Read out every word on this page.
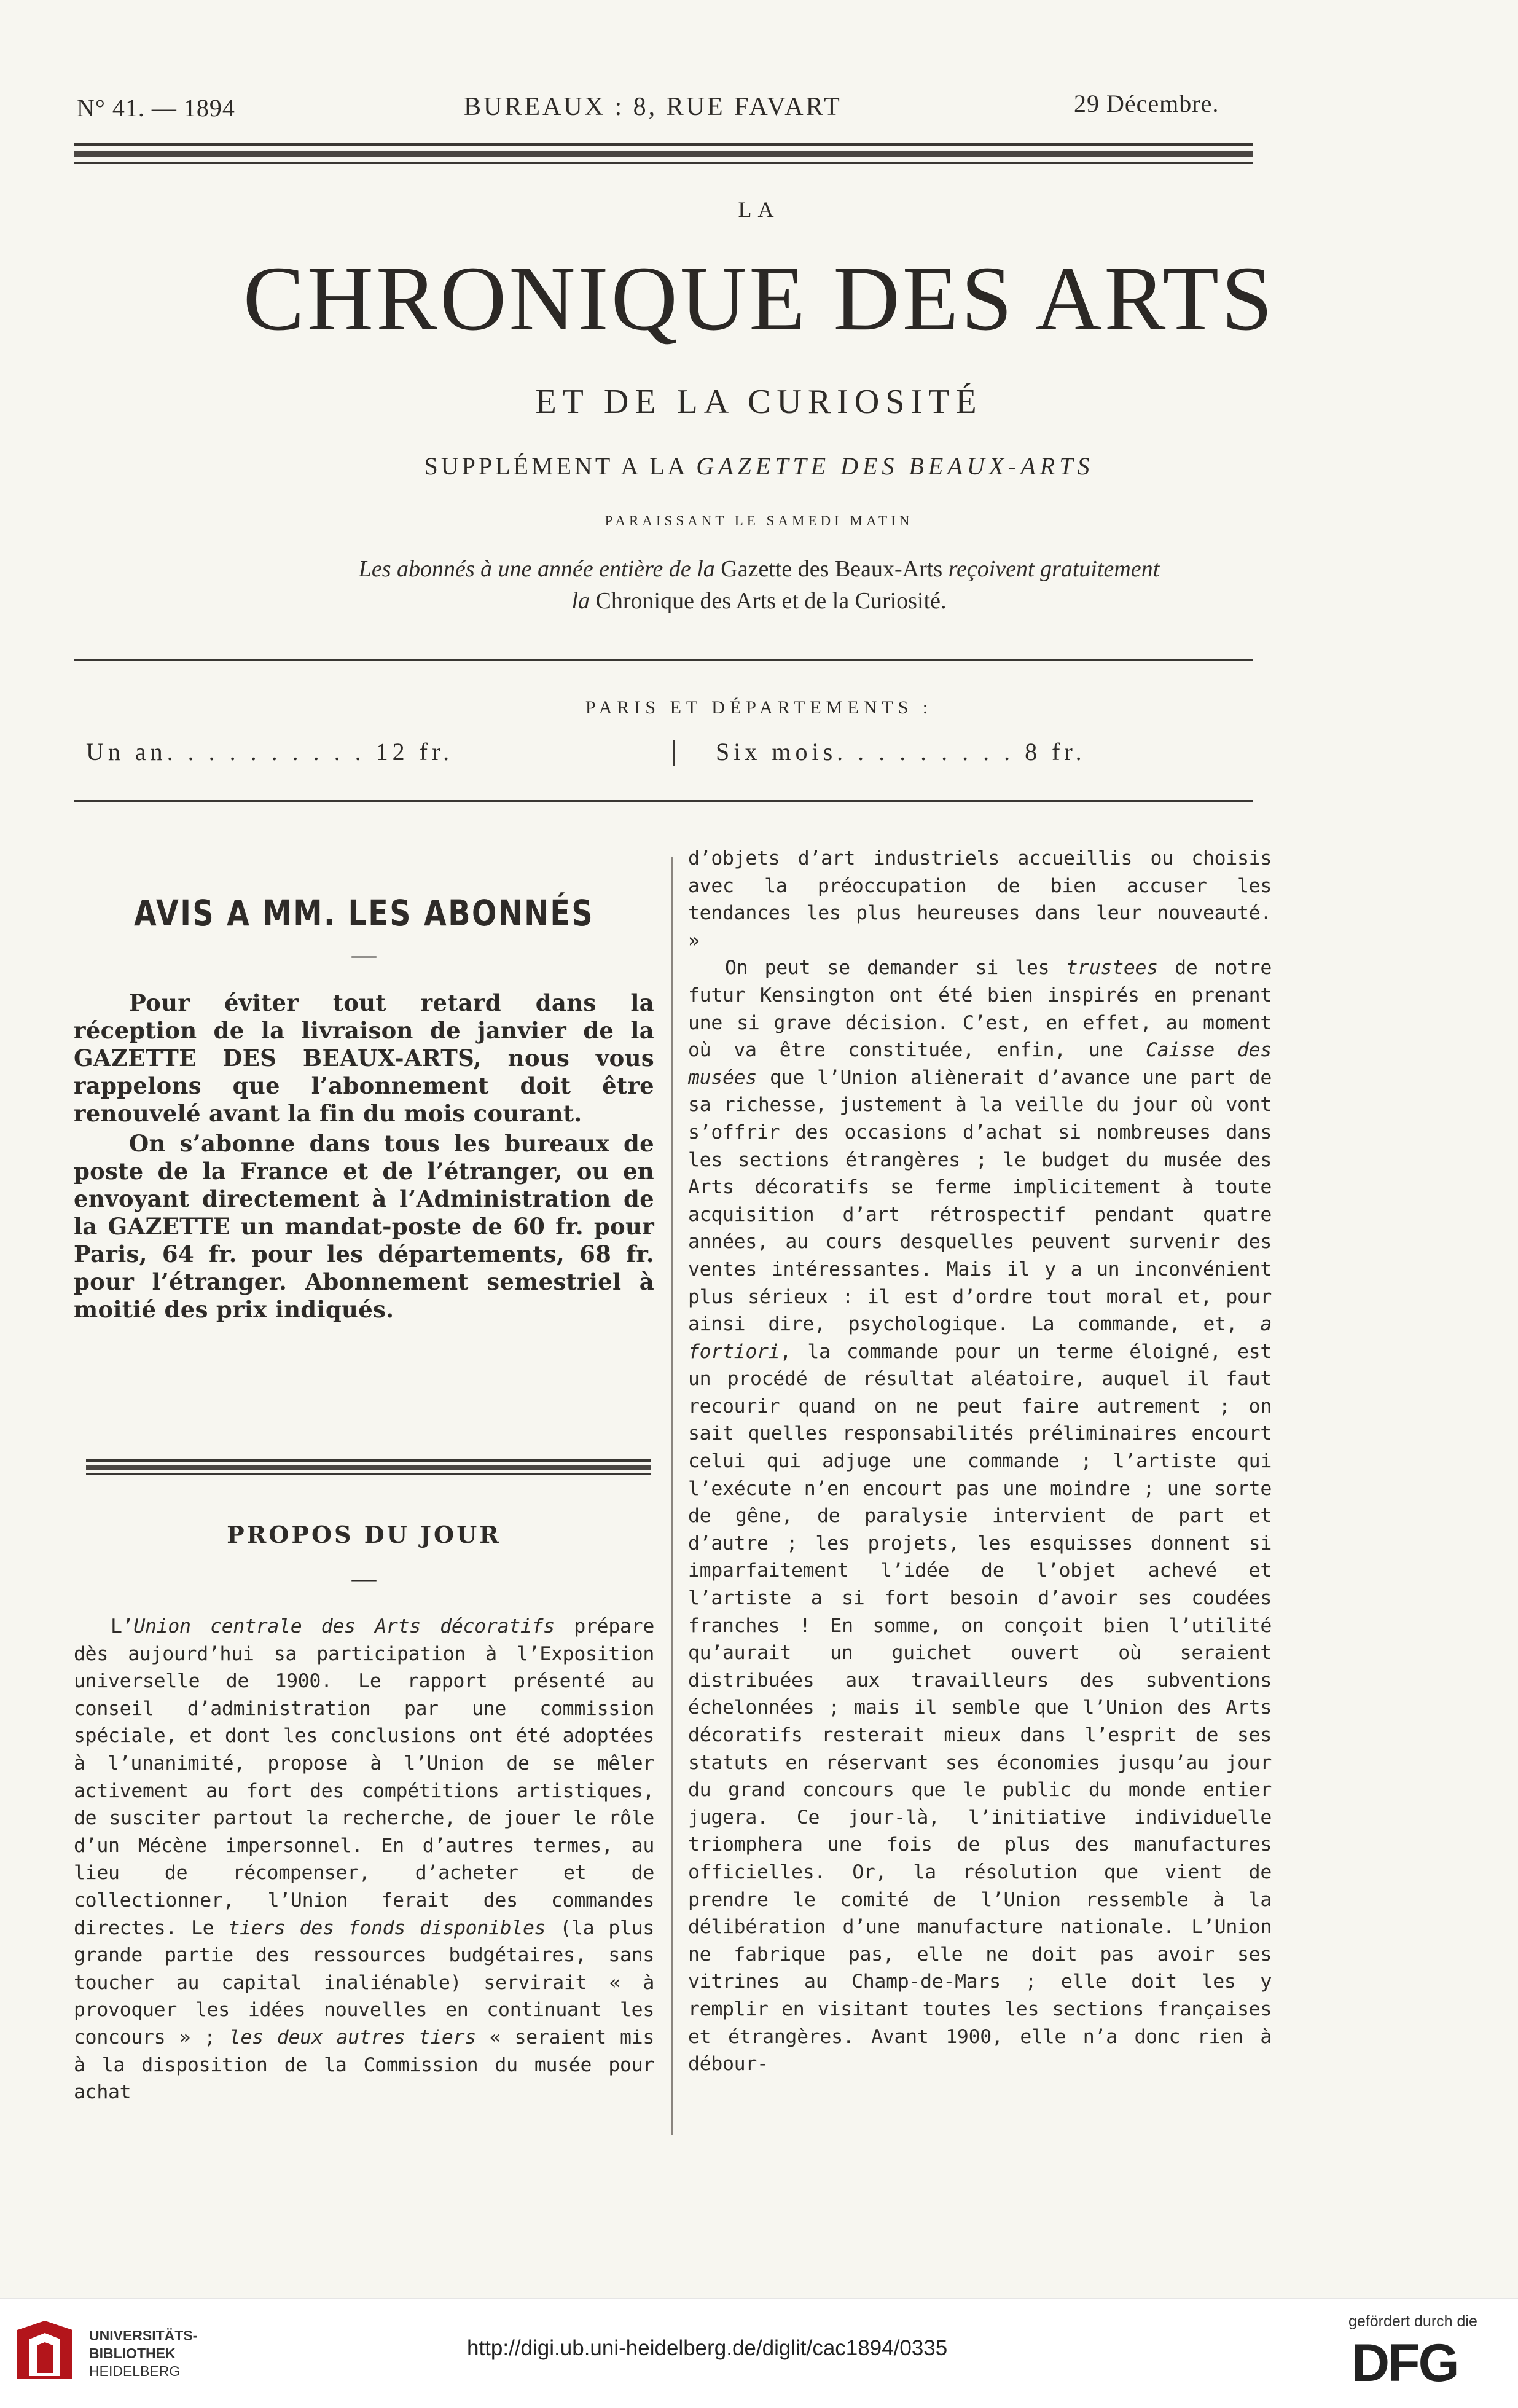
N° 41. — 1894	BUREAUX : 8, RUE FAVART	29 Décembre.
LA
CHRONIQUE DES ARTS
ET DE LA CURIOSITÉ
SUPPLÉMENT A LA GAZETTE DES BEAUX-ARTS
PARAISSANT LE SAMEDI MATIN
Les abonnés à une année entière de la Gazette des Beaux-Arts reçoivent gratuitement
la Chronique des Arts et de la Curiosité.
PARIS ET DÉPARTEMENTS :
Un an. . . . . . . . . . 12 fr.	Six mois. . . . . . . . . 8 fr.
AVIS A MM. LES ABONNÉS
—

Pour éviter tout retard dans la réception de la livraison de janvier de la GAZETTE DES BEAUX-ARTS, nous vous rappelons que l’abonnement doit être renouvelé avant la fin du mois courant.

On s’abonne dans tous les bureaux de poste de la France et de l’étranger, ou en envoyant directement à l’Administration de la GAZETTE un mandat-poste de 60 fr. pour Paris, 64 fr. pour les départements, 68 fr. pour l’étranger. Abonnement semestriel à moitié des prix indiqués.

PROPOS DU JOUR
—

L’Union centrale des Arts décoratifs prépare dès aujourd’hui sa participation à l’Exposition universelle de 1900. Le rapport présenté au conseil d’administration par une commission spéciale, et dont les conclusions ont été adoptées à l’unanimité, propose à l’Union de se mêler activement au fort des compétitions artistiques, de susciter partout la recherche, de jouer le rôle d’un Mécène impersonnel. En d’autres termes, au lieu de récompenser, d’acheter et de collectionner, l’Union ferait des commandes directes. Le tiers des fonds disponibles (la plus grande partie des ressources budgétaires, sans toucher au capital inaliénable) servirait « à provoquer les idées nouvelles en continuant les concours » ; les deux autres tiers « seraient mis à la disposition de la Commission du musée pour achat

d’objets d’art industriels accueillis ou choisis avec la préoccupation de bien accuser les tendances les plus heureuses dans leur nouveauté. »

On peut se demander si les trustees de notre futur Kensington ont été bien inspirés en prenant une si grave décision. C’est, en effet, au moment où va être constituée, enfin, une Caisse des musées que l’Union aliènerait d’avance une part de sa richesse, justement à la veille du jour où vont s’offrir des occasions d’achat si nombreuses dans les sections étrangères ; le budget du musée des Arts décoratifs se ferme implicitement à toute acquisition d’art rétrospectif pendant quatre années, au cours desquelles peuvent survenir des ventes intéressantes. Mais il y a un inconvénient plus sérieux : il est d’ordre tout moral et, pour ainsi dire, psychologique. La commande, et, a fortiori, la commande pour un terme éloigné, est un procédé de résultat aléatoire, auquel il faut recourir quand on ne peut faire autrement ; on sait quelles responsabilités préliminaires encourt celui qui adjuge une commande ; l’artiste qui l’exécute n’en encourt pas une moindre ; une sorte de gêne, de paralysie intervient de part et d’autre ; les projets, les esquisses donnent si imparfaitement l’idée de l’objet achevé et l’artiste a si fort besoin d’avoir ses coudées franches ! En somme, on conçoit bien l’utilité qu’aurait un guichet ouvert où seraient distribuées aux travailleurs des subventions échelonnées ; mais il semble que l’Union des Arts décoratifs resterait mieux dans l’esprit de ses statuts en réservant ses économies jusqu’au jour du grand concours que le public du monde entier jugera. Ce jour-là, l’initiative individuelle triomphera une fois de plus des manufactures officielles. Or, la résolution que vient de prendre le comité de l’Union ressemble à la délibération d’une manufacture nationale. L’Union ne fabrique pas, elle ne doit pas avoir ses vitrines au Champ-de-Mars ; elle doit les y remplir en visitant toutes les sections françaises et étrangères. Avant 1900, elle n’a donc rien à débour-

UNIVERSITÄTS-
BIBLIOTHEK
HEIDELBERG
http://digi.ub.uni-heidelberg.de/diglit/cac1894/0335
gefördert durch die
DFG
